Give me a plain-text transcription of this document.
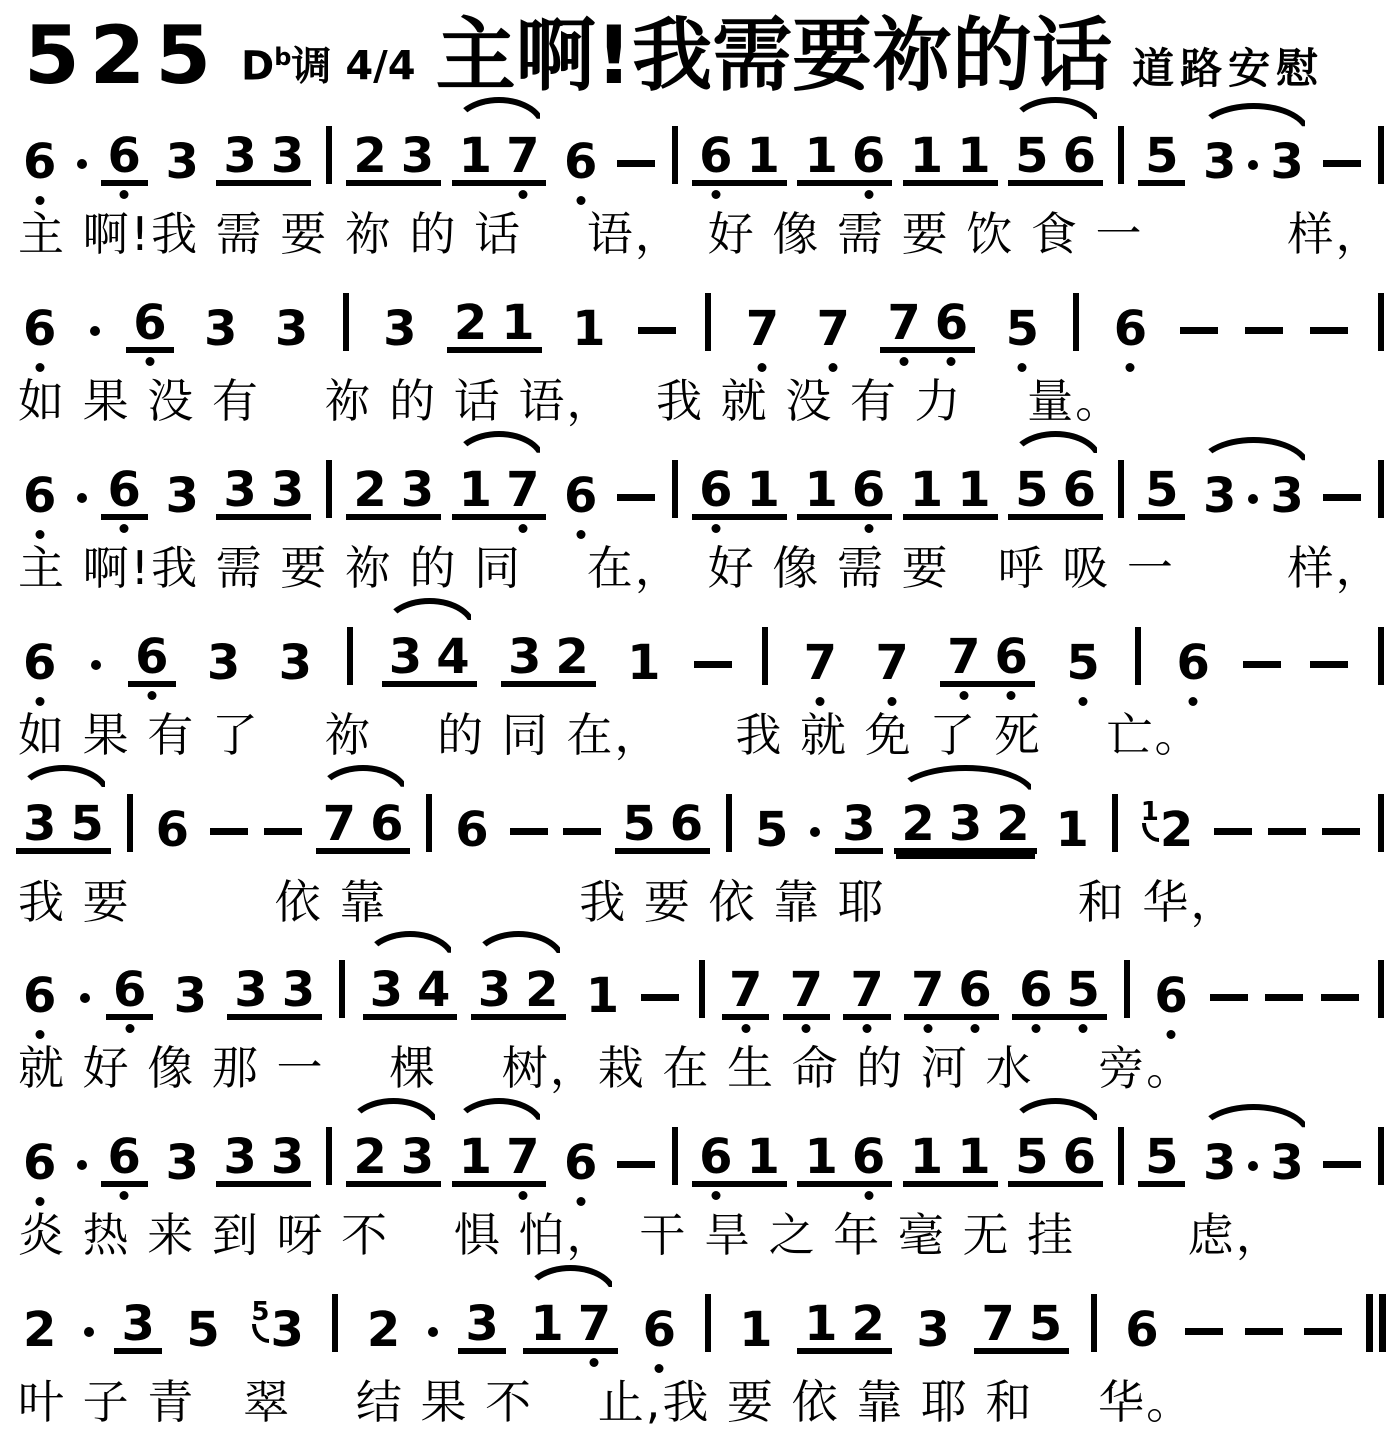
525 $D^b$调 4/4 主啊!我需要祢的话 道路安慰
6 6 3 3 3 2 3 1 7 6 6 1 1 6 1 1 5 6 5 3 3
主 啊!我 需 要 祢 的 话　 语，　好 像 需 要 饮 食 一　　　样，
6 6 3 3 3 2 1 1	7 7 7 6 5 6
如 果 没 有　 祢 的 话 语，　 我 就 没 有 力　 量。
6 6 3 3 3 2 3 1 7 6 6 1 1 6 1 1 5 6 5 3 3
主 啊!我 需 要 祢 的 同　 在，　好 像 需 要　呼 吸 一　　 样，
6 6 3 3 3 4 3 2 1	7 7 7 6 5 6
如 果 有 了　 祢　 的 同 在，　　我 就 免 了 死　 亡。
3 5 6	7 6 6	5 6 5 3 2 3 2 1 12
我 要　　　依 靠　　　　我 要 依 靠 耶　　　　和 华，
6 6 3 3 3 3 4 3 2 1 7 7 7 7 6 6 5 6
就 好 像 那 一　 棵　 树，栽 在 生 命 的 河 水　 旁。
6 6 3 3 3 2 3 1 7 6 6 1 1 6 1 1 5 6 5 3 3
炎 热 来 到 呀 不　 惧 怕，　干 旱 之 年 毫 无 挂　　 虑，
2 3 5 53 2 3 1 7 6 1 1 2 3 7 5 6
叶 子 青　翠　 结 果 不　 止,我 要 依 靠 耶 和　 华。
